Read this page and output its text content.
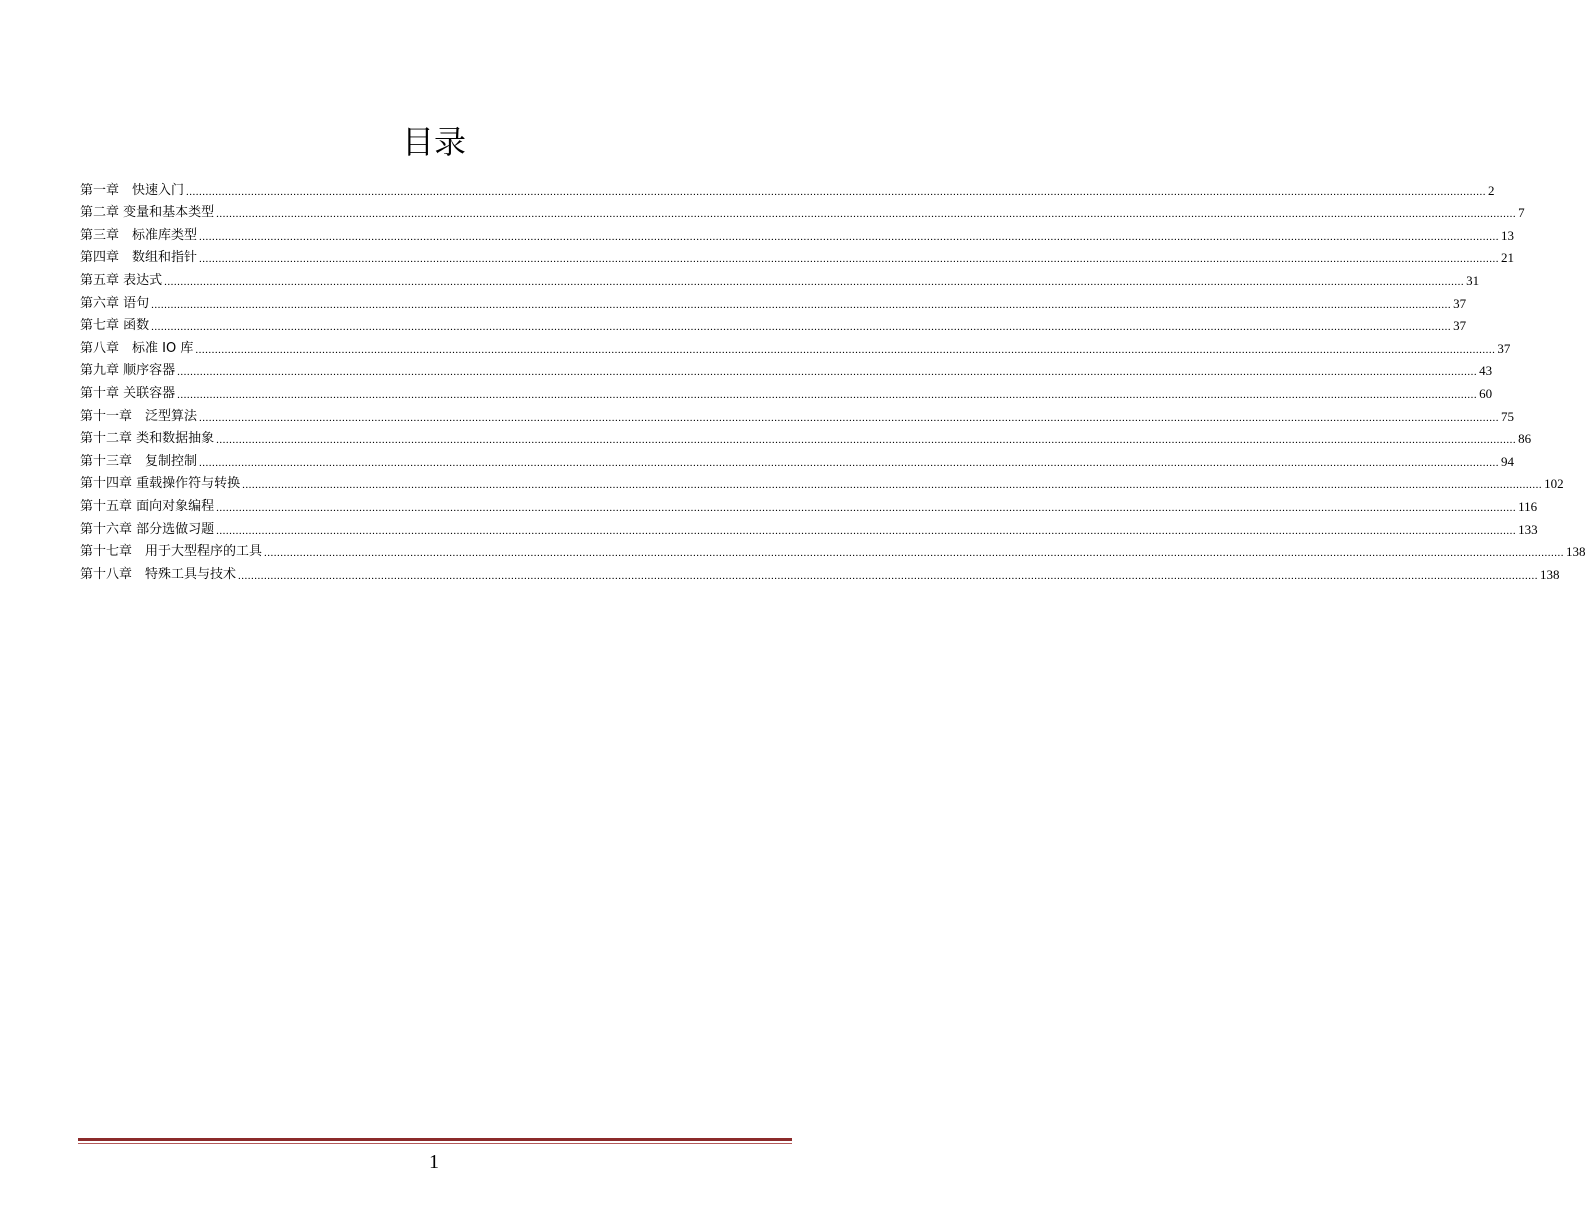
目录
第一章　快速入门 ................................................................................................................................................................................................................................................................................................................................................................................................................ 2
第二章 变量和基本类型 ................................................................................................................................................................................................................................................................................................................................................................................................................ 7
第三章　标准库类型 ................................................................................................................................................................................................................................................................................................................................................................................................................ 13
第四章　数组和指针 ................................................................................................................................................................................................................................................................................................................................................................................................................ 21
第五章 表达式 ................................................................................................................................................................................................................................................................................................................................................................................................................ 31
第六章 语句 ................................................................................................................................................................................................................................................................................................................................................................................................................ 37
第七章 函数 ................................................................................................................................................................................................................................................................................................................................................................................................................ 37
第八章　标准 IO 库 ................................................................................................................................................................................................................................................................................................................................................................................................................ 37
第九章 顺序容器 ................................................................................................................................................................................................................................................................................................................................................................................................................ 43
第十章 关联容器 ................................................................................................................................................................................................................................................................................................................................................................................................................ 60
第十一章　泛型算法 ................................................................................................................................................................................................................................................................................................................................................................................................................ 75
第十二章 类和数据抽象 ................................................................................................................................................................................................................................................................................................................................................................................................................ 86
第十三章　复制控制 ................................................................................................................................................................................................................................................................................................................................................................................................................ 94
第十四章 重载操作符与转换 ................................................................................................................................................................................................................................................................................................................................................................................................................ 102
第十五章 面向对象编程 ................................................................................................................................................................................................................................................................................................................................................................................................................ 116
第十六章 部分选做习题 ................................................................................................................................................................................................................................................................................................................................................................................................................ 133
第十七章　用于大型程序的工具 ................................................................................................................................................................................................................................................................................................................................................................................................................ 138
第十八章　特殊工具与技术 ................................................................................................................................................................................................................................................................................................................................................................................................................ 138
1
